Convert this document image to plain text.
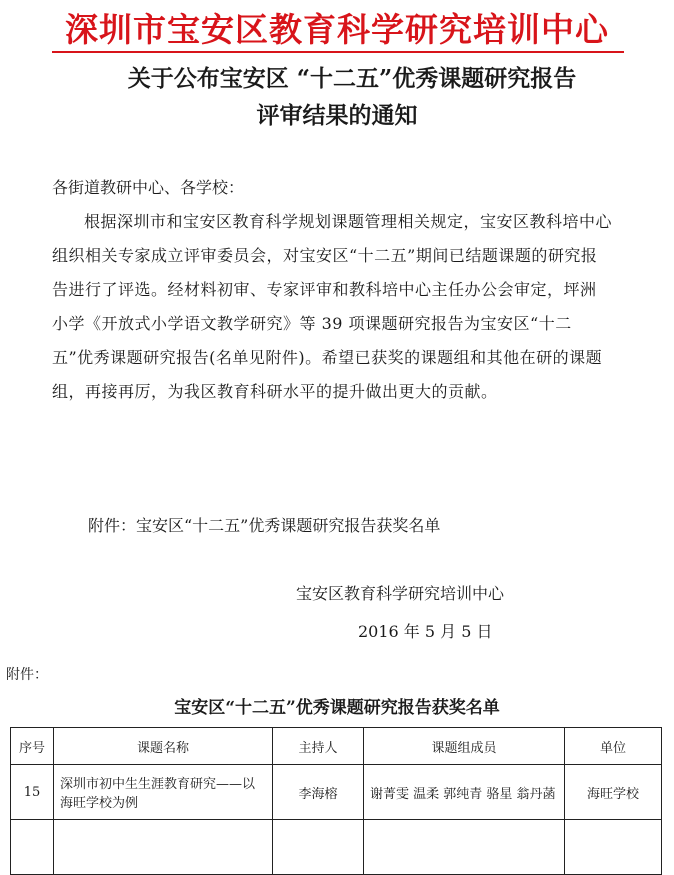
深圳市宝安区教育科学研究培训中心
关于公布宝安区 “十二五”优秀课题研究报告
评审结果的通知
各街道教研中心、各学校：
根据深圳市和宝安区教育科学规划课题管理相关规定，宝安区教科培中心组织相关专家成立评审委员会，对宝安区“十二五”期间已结题课题的研究报告进行了评选。经材料初审、专家评审和教科培中心主任办公会审定，坪洲小学《开放式小学语文教学研究》等 39 项课题研究报告为宝安区“十二五”优秀课题研究报告(名单见附件)。希望已获奖的课题组和其他在研的课题组，再接再厉，为我区教育科研水平的提升做出更大的贡献。
附件：宝安区“十二五”优秀课题研究报告获奖名单
宝安区教育科学研究培训中心
2016 年 5 月 5 日
附件：
宝安区“十二五”优秀课题研究报告获奖名单
序号	课题名称	主持人	课题组成员	单位
15	深圳市初中生生涯教育研究——以海旺学校为例	李海榕	谢菁雯 温柔 郭纯青 骆星 翁丹菡	海旺学校
